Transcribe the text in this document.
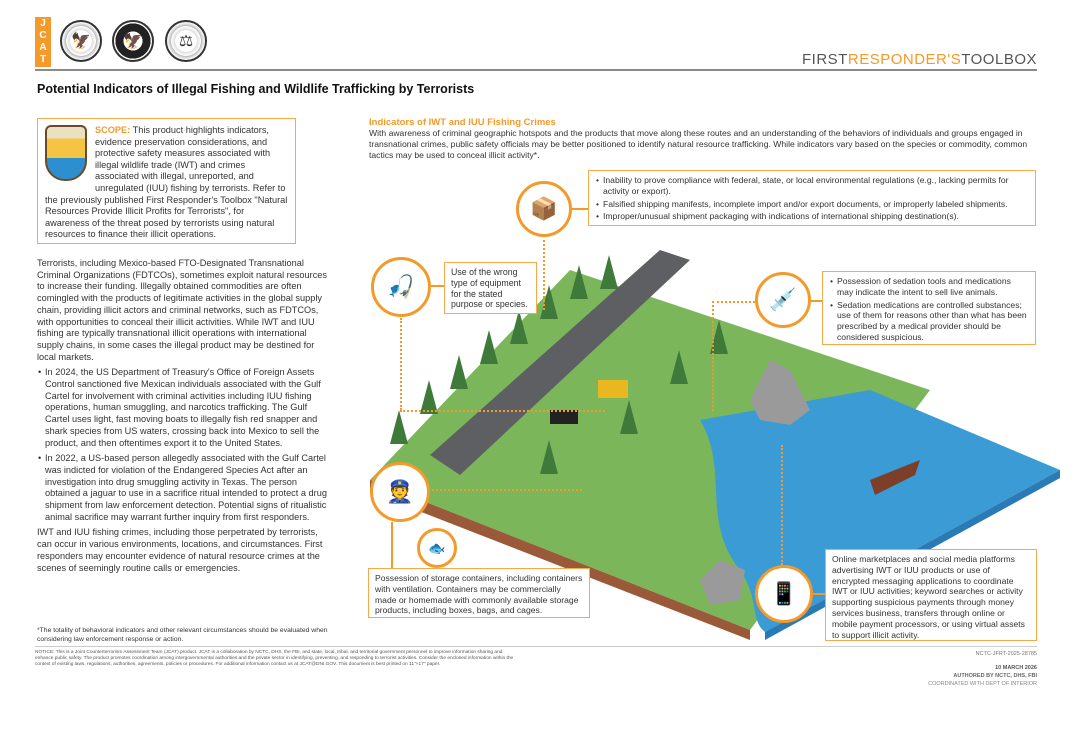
J
C
A
T
🦅	🦅	⚖
FIRSTRESPONDER'STOOLBOX
Potential Indicators of Illegal Fishing and Wildlife Trafficking by Terrorists
SCOPE: This product highlights indicators, evidence preservation considerations, and protective safety measures associated with illegal wildlife trade (IWT) and crimes associated with illegal, unreported, and unregulated (IUU) fishing by terrorists. Refer to the previously published First Responder's Toolbox "Natural Resources Provide Illicit Profits for Terrorists", for awareness of the threat posed by terrorists using natural resources to finance their illicit operations.

Terrorists, including Mexico-based FTO-Designated Transnational Criminal Organizations (FDTCOs), sometimes exploit natural resources to increase their funding. Illegally obtained commodities are often comingled with the products of legitimate activities in the global supply chain, providing illicit actors and criminal networks, such as FDTCOs, with opportunities to conceal their illicit activities. While IWT and IUU fishing are typically transnational illicit operations with international supply chains, in some cases the illegal product may be destined for local markets.

• In 2024, the US Department of Treasury's Office of Foreign Assets Control sanctioned five Mexican individuals associated with the Gulf Cartel for involvement with criminal activities including IUU fishing operations, human smuggling, and narcotics trafficking. The Gulf Cartel uses light, fast moving boats to illegally fish red snapper and shark species from US waters, crossing back into Mexico to sell the product, and then oftentimes export it to the United States.
• In 2022, a US-based person allegedly associated with the Gulf Cartel was indicted for violation of the Endangered Species Act after an investigation into drug smuggling activity in Texas. The person obtained a jaguar to use in a sacrifice ritual intended to protect a drug shipment from law enforcement detection. Potential signs of ritualistic animal sacrifice may warrant further inquiry from first responders.

IWT and IUU fishing crimes, including those perpetrated by terrorists, can occur in various environments, locations, and circumstances. First responders may encounter evidence of natural resource crimes at the scenes of seemingly routine calls or emergencies.

*The totality of behavioral indicators and other relevant circumstances should be evaluated when considering law enforcement response or action.
Indicators of IWT and IUU Fishing Crimes
With awareness of criminal geographic hotspots and the products that move along these routes and an understanding of the behaviors of individuals and groups engaged in transnational crimes, public safety officials may be better positioned to identify natural resource trafficking. While indicators vary based on the species or commodity, common tactics may be used to conceal illicit activity*.
📦
• Inability to prove compliance with federal, state, or local environmental regulations (e.g., lacking permits for activity or export).
• Falsified shipping manifests, incomplete import and/or export documents, or improperly labeled shipments.
• Improper/unusual shipment packaging with indications of international shipping destination(s).
🎣
Use of the wrong type of equipment for the stated purpose or species.	💉
• Possession of sedation tools and medications may indicate the intent to sell live animals.
• Sedation medications are controlled substances; use of them for reasons other than what has been prescribed by a medical provider should be considered suspicious.
👮
🐟
Possession of storage containers, including containers with ventilation. Containers may be commercially made or homemade with commonly available storage products, including boxes, bags, and cages.
📱
Online marketplaces and social media platforms advertising IWT or IUU products or use of encrypted messaging applications to coordinate IWT or IUU activities; keyword searches or activity supporting suspicious payments through money services business, transfers through online or mobile payment processors, or using virtual assets to support illicit activity.
NOTICE: This is a Joint Counterterrorism Assessment Team (JCAT) product. JCAT is a collaboration by NCTC, DHS, the FBI, and state, local, tribal, and territorial government personnel to improve information sharing and enhance public safety. The product promotes coordination among intergovernmental authorities and the private sector in identifying, preventing, and responding to terrorist activities. Consider the enclosed information within the context of existing laws, regulations, authorities, agreements, policies or procedures. For additional information contact us at JCAT@DNI.GOV. This document is best printed on 11"×17" paper.
NCTC-JFRT-2025-28785
10 MARCH 2026
AUTHORED BY NCTC, DHS, FBI
COORDINATED WITH DEPT OF INTERIOR
